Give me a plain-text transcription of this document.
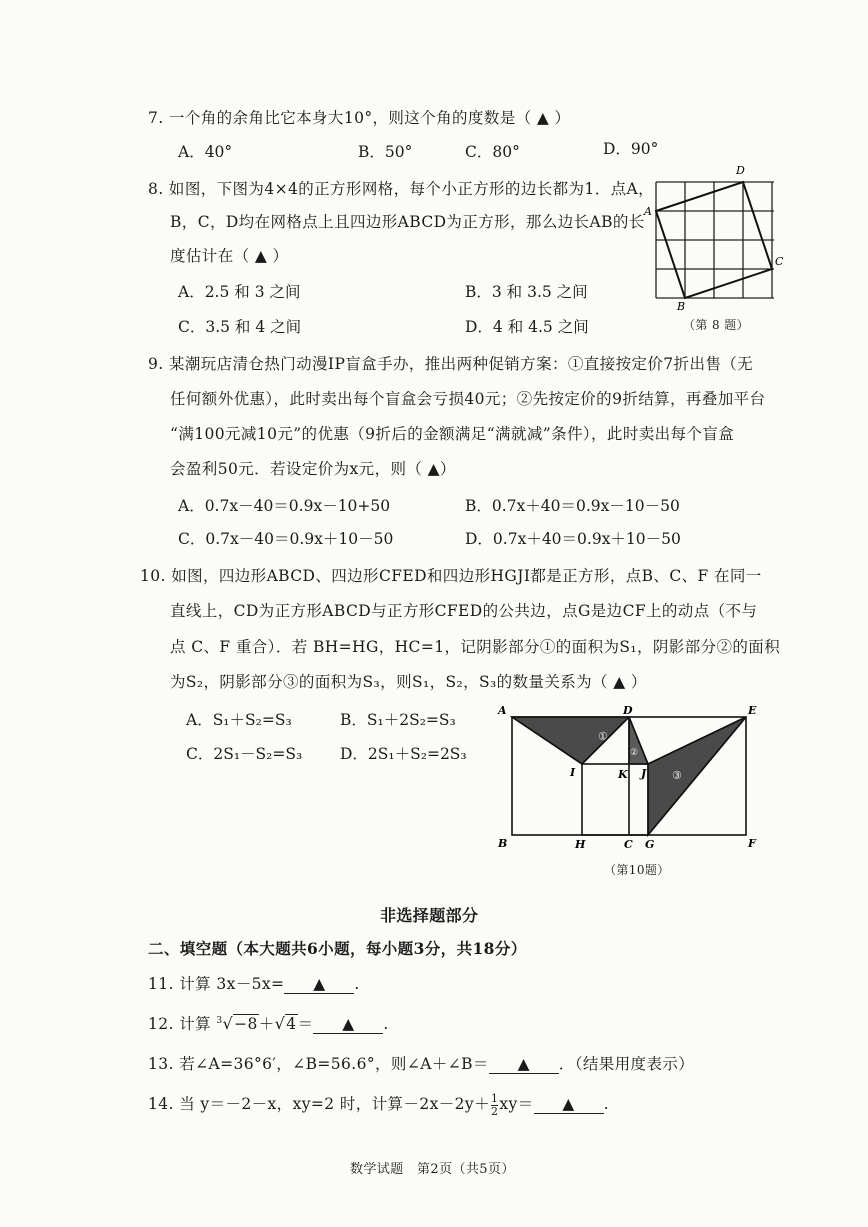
7. 一个角的余角比它本身大10°，则这个角的度数是（ ▲ ）
A．40°	B．50°	C．80°	D．90°
8. 如图，下图为4×4的正方形网格，每个小正方形的边长都为1．点A，
B，C，D均在网格点上且四边形ABCD为正方形，那么边长AB的长
度估计在（ ▲ ）
A．2.5 和 3 之间	B．3 和 3.5 之间
C．3.5 和 4 之间	D．4 和 4.5 之间
A
B
C
D
（第 8 题）
9. 某潮玩店清仓热门动漫IP盲盒手办，推出两种促销方案：①直接按定价7折出售（无
任何额外优惠），此时卖出每个盲盒会亏损40元；②先按定价的9折结算，再叠加平台
“满100元减10元”的优惠（9折后的金额满足“满就减”条件），此时卖出每个盲盒
会盈利50元．若设定价为x元，则（ ▲）
A．0.7x－40＝0.9x－10+50	B．0.7x＋40＝0.9x－10－50
C．0.7x－40＝0.9x＋10－50	D．0.7x＋40＝0.9x＋10－50
10. 如图，四边形ABCD、四边形CFED和四边形HGJI都是正方形，点B、C、F 在同一
直线上，CD为正方形ABCD与正方形CFED的公共边，点G是边CF上的动点（不与
点 C、F 重合）．若 BH=HG，HC=1，记阴影部分①的面积为S₁，阴影部分②的面积
为S₂，阴影部分③的面积为S₃，则S₁，S₂，S₃的数量关系为（ ▲ ）
A．S₁＋S₂=S₃	B．S₁＋2S₂=S₃
C．2S₁－S₂=S₃ D．2S₁＋S₂=2S₃
①
②
③
A	D	E
I	K J
B	H	C G	F
（第10题）
非选择题部分
二、填空题（本大题共6小题，每小题3分，共18分）
11. 计算 3x－5x= ▲ .
12. 计算 $^3$√−8＋√4＝ ▲ .
13. 若∠A=36°6′，∠B=56.6°，则∠A＋∠B＝ ▲ ．（结果用度表示）
14. 当 y＝－2－x，xy=2 时，计算$-2x-2y+ \frac{1}{2} xy=$ ▲ .
数学试题　第2页（共5页）
